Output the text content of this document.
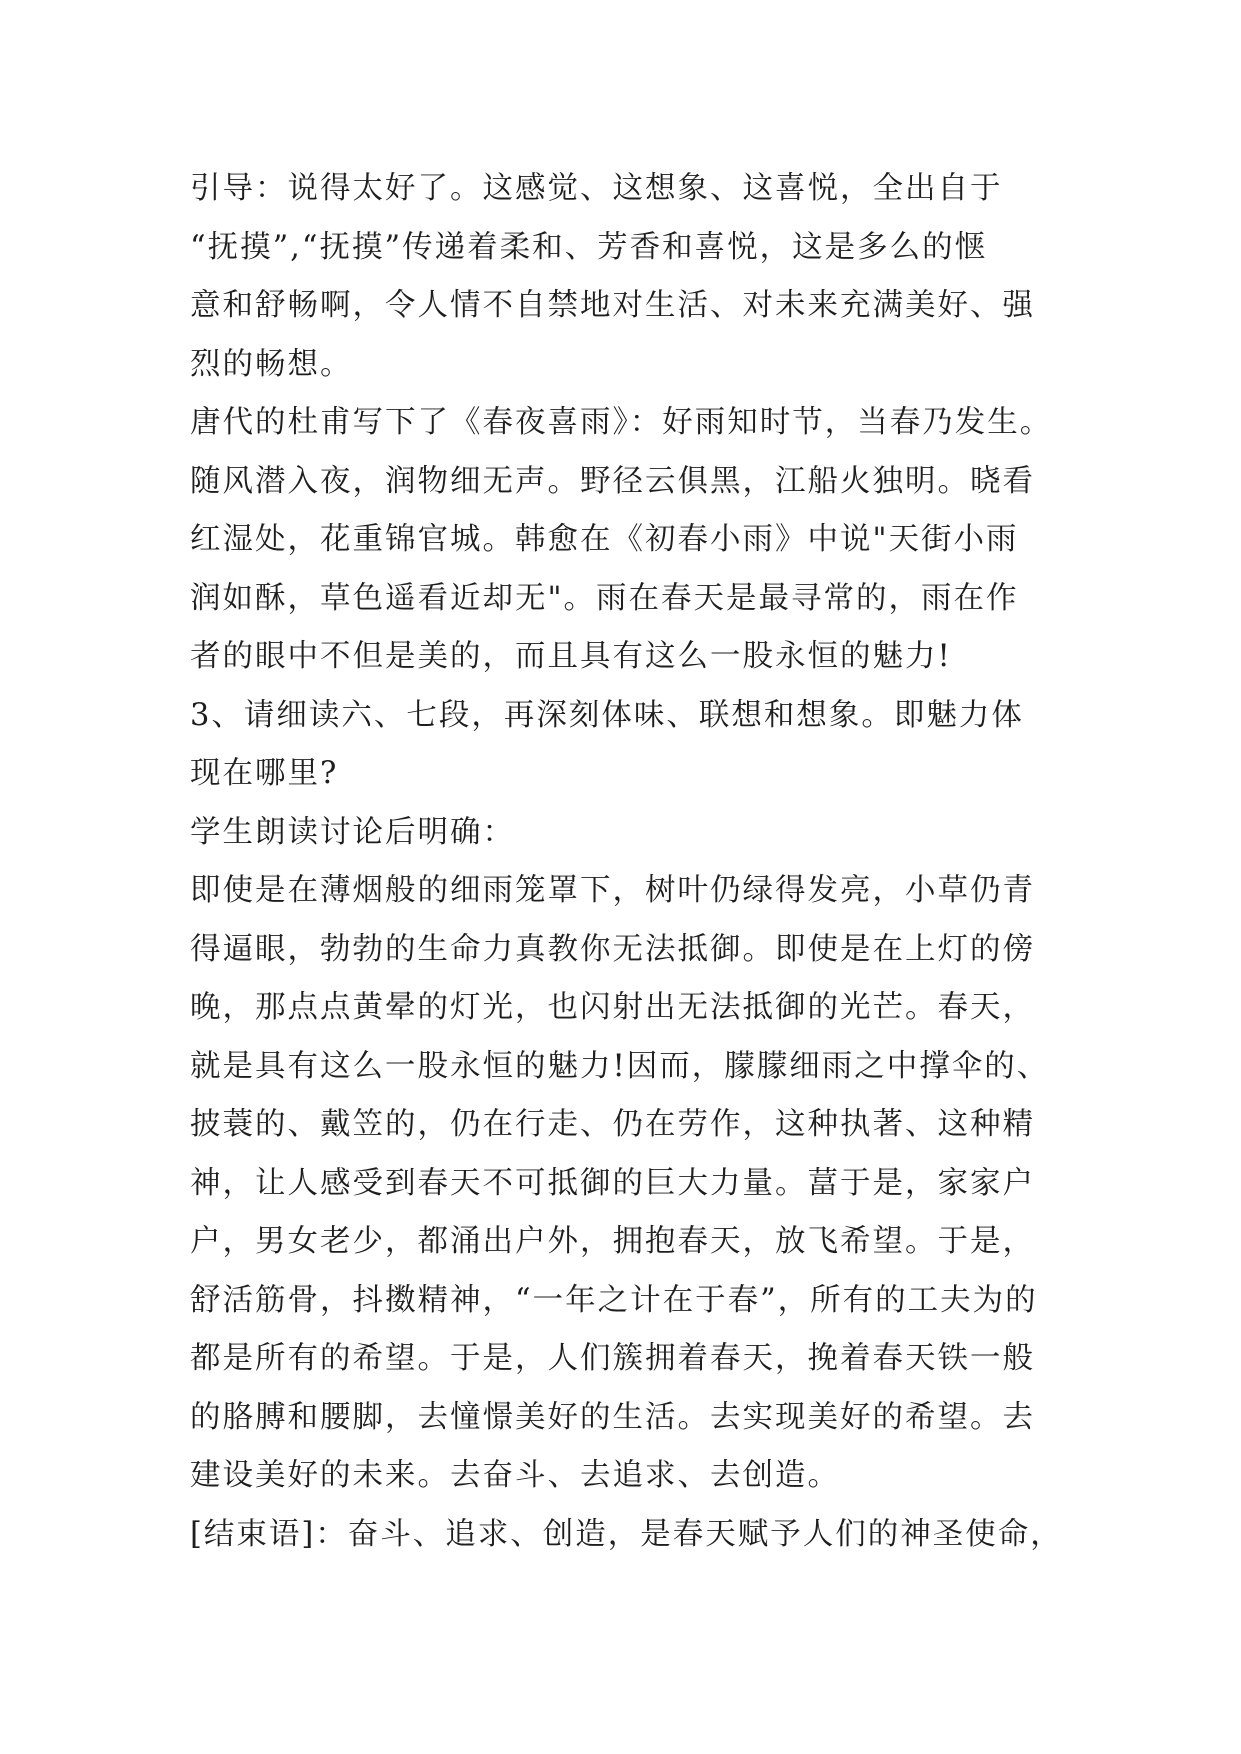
引导：说得太好了。这感觉、这想象、这喜悦，全出自于
“抚摸”,“抚摸”传递着柔和、芳香和喜悦，这是多么的惬
意和舒畅啊，令人情不自禁地对生活、对未来充满美好、强
烈的畅想。
唐代的杜甫写下了《春夜喜雨》：好雨知时节，当春乃发生。
随风潜入夜，润物细无声。野径云俱黑，江船火独明。晓看
红湿处，花重锦官城。韩愈在《初春小雨》中说"天街小雨
润如酥，草色遥看近却无"。雨在春天是最寻常的，雨在作
者的眼中不但是美的，而且具有这么一股永恒的魅力!
3、请细读六、七段，再深刻体味、联想和想象。即魅力体
现在哪里?
学生朗读讨论后明确：
即使是在薄烟般的细雨笼罩下，树叶仍绿得发亮，小草仍青
得逼眼，勃勃的生命力真教你无法抵御。即使是在上灯的傍
晚，那点点黄晕的灯光，也闪射出无法抵御的光芒。春天，
就是具有这么一股永恒的魅力!因而，朦朦细雨之中撑伞的、
披蓑的、戴笠的，仍在行走、仍在劳作，这种执著、这种精
神，让人感受到春天不可抵御的巨大力量。葍于是，家家户
户，男女老少，都涌出户外，拥抱春天，放飞希望。于是，
舒活筋骨，抖擞精神，“一年之计在于春”，所有的工夫为的
都是所有的希望。于是，人们簇拥着春天，挽着春天铁一般
的胳膊和腰脚，去憧憬美好的生活。去实现美好的希望。去
建设美好的未来。去奋斗、去追求、去创造。
[结束语]：奋斗、追求、创造，是春天赋予人们的神圣使命，
